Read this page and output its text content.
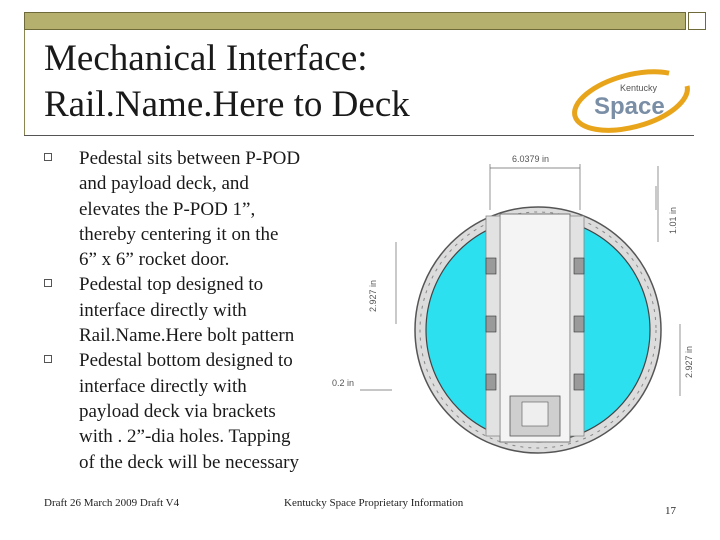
Mechanical Interface:
Rail.Name.Here to Deck	Kentucky
Space
Pedestal sits between P-POD
and payload deck, and
elevates the P-POD 1”,
thereby centering it on the
6” x 6” rocket door.
Pedestal top designed to
interface directly with
Rail.Name.Here bolt pattern
Pedestal bottom designed to
interface directly with
payload deck via brackets
with . 2”-dia holes. Tapping
of the deck will be necessary
6.0379 in
1.01 in
2.927 in
2.927 in
0.2 in
Draft 26 March 2009 Draft V4	Kentucky Space Proprietary Information
17
